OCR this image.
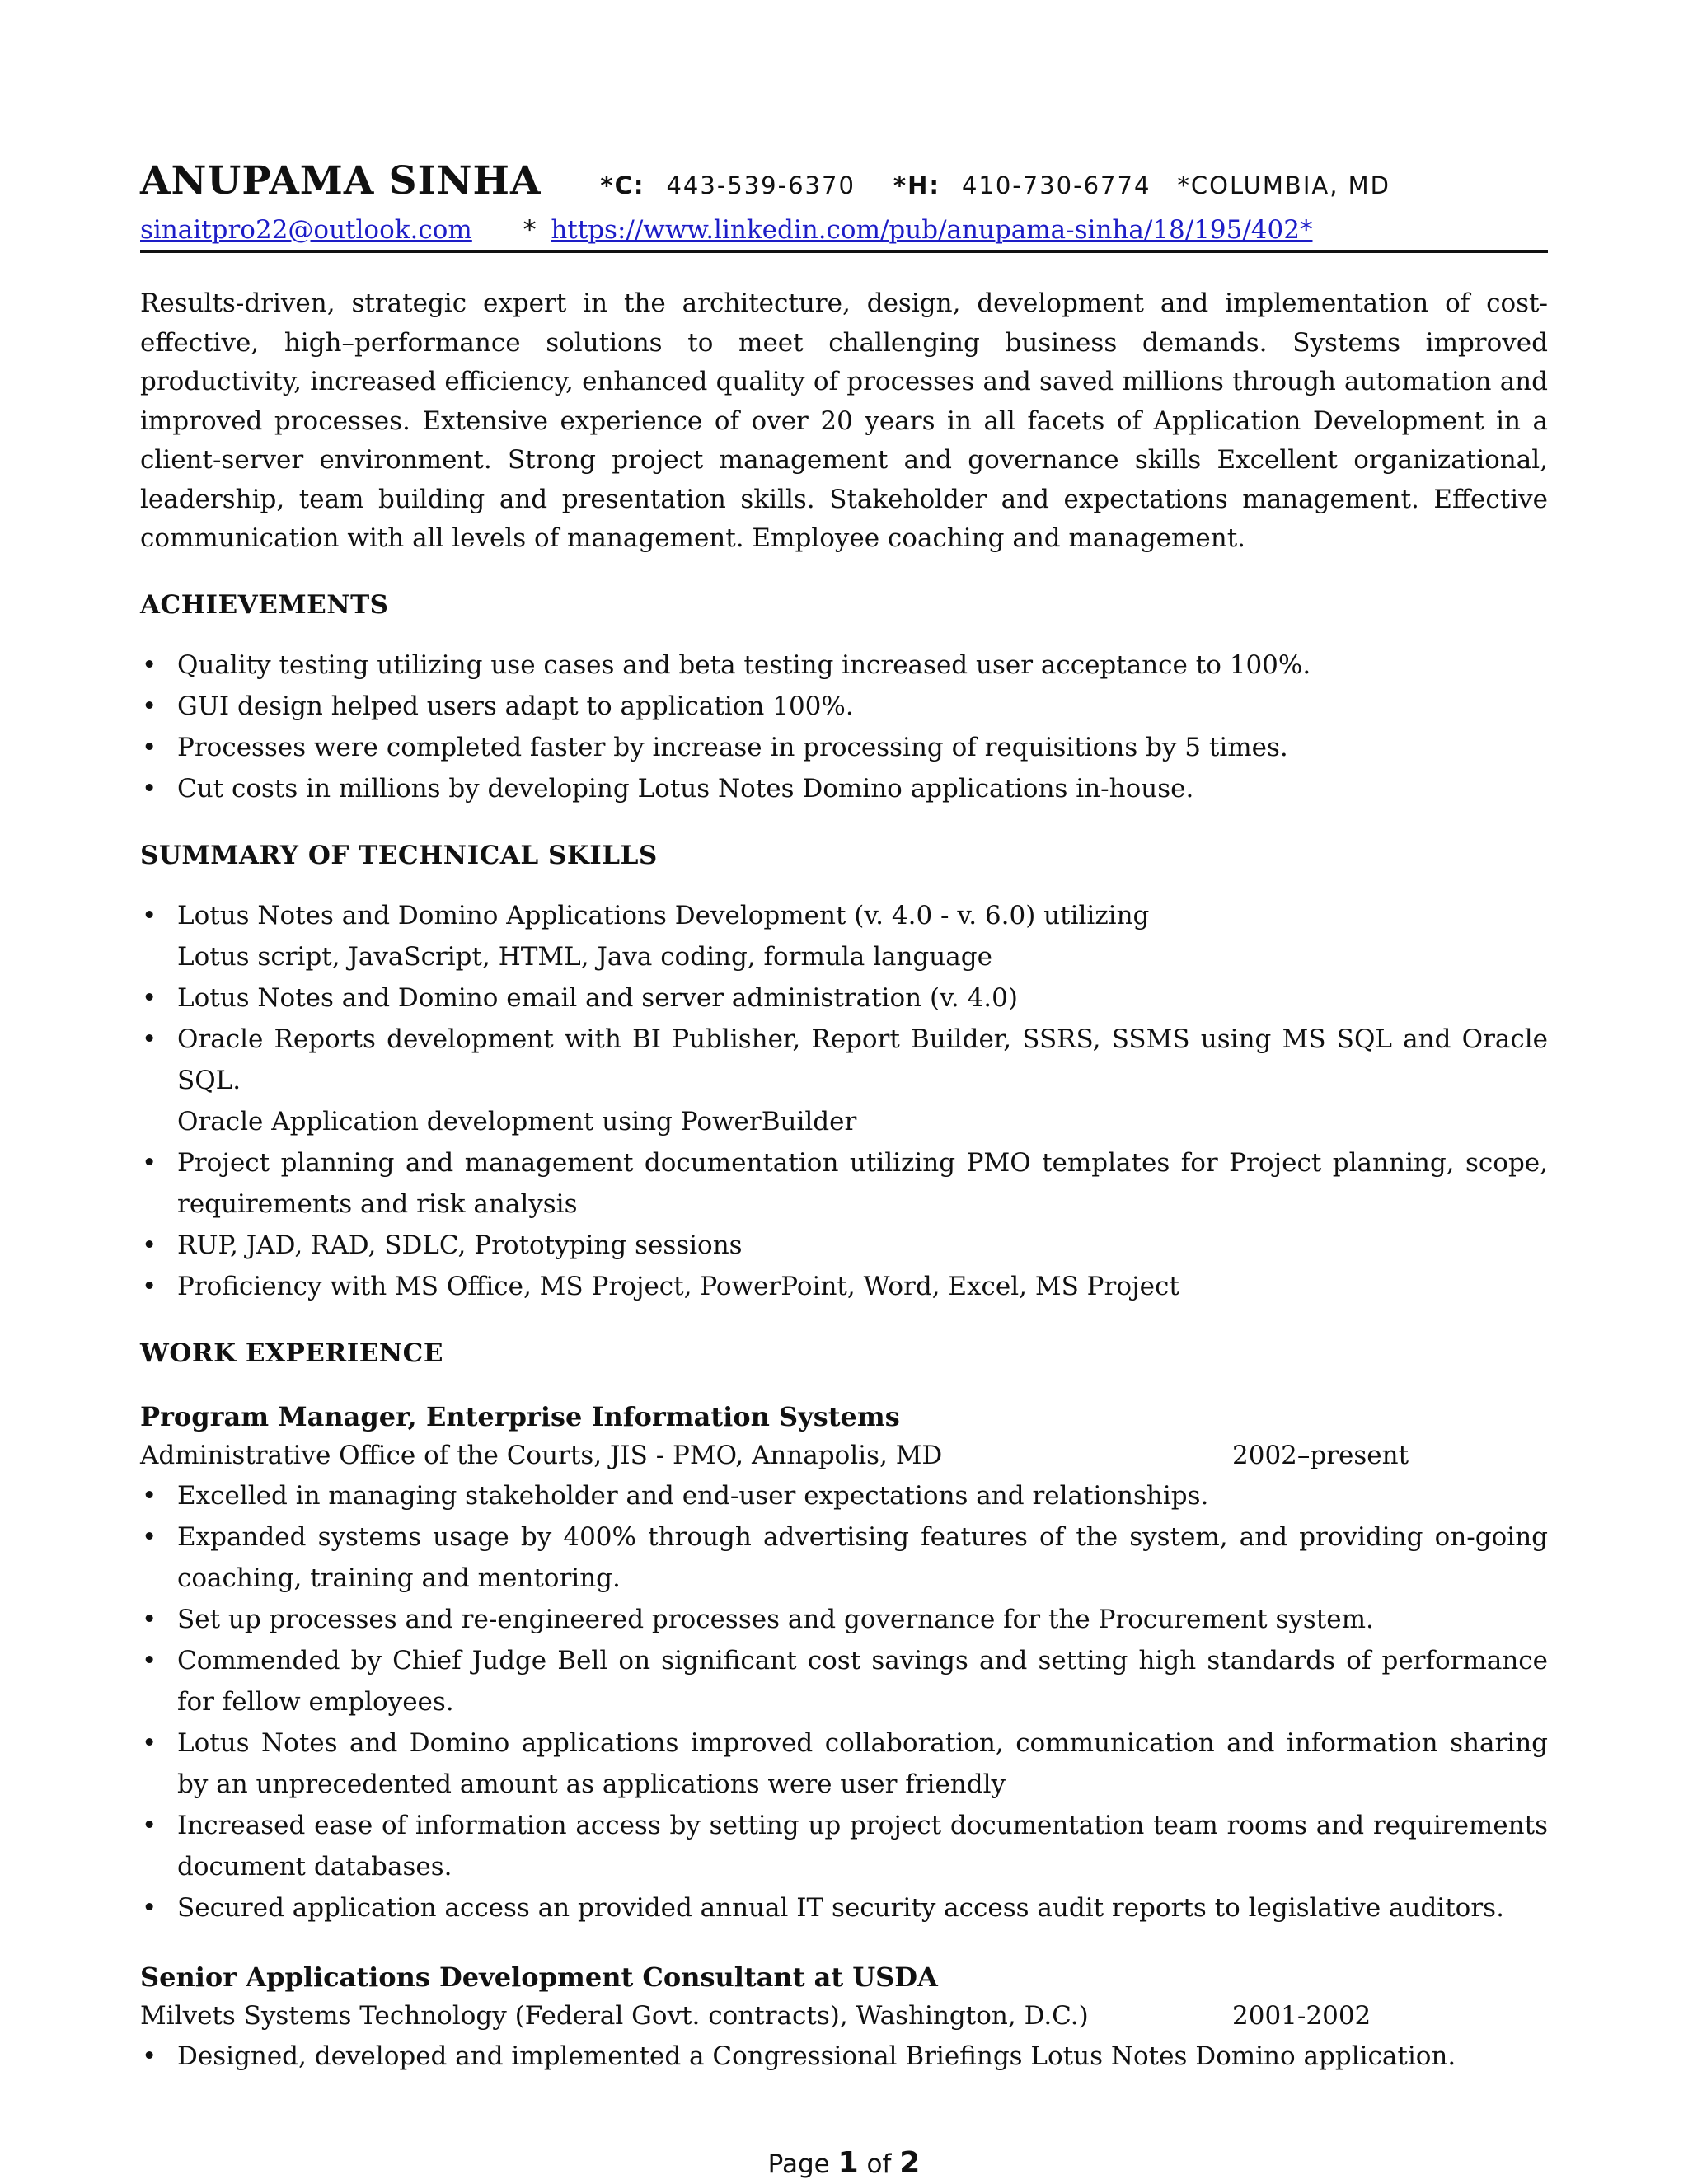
ANUPAMA SINHA *C: 443-539-6370 *H: 410-730-6774 *COLUMBIA, MD
sinaitpro22@outlook.com * https://www.linkedin.com/pub/anupama-sinha/18/195/402*

Results-driven, strategic expert in the architecture, design, development and implementation of cost-effective, high–performance solutions to meet challenging business demands. Systems improved productivity, increased efficiency, enhanced quality of processes and saved millions through automation and improved processes. Extensive experience of over 20 years in all facets of Application Development in a client-server environment. Strong project management and governance skills Excellent organizational, leadership, team building and presentation skills. Stakeholder and expectations management. Effective communication with all levels of management. Employee coaching and management.

ACHIEVEMENTS
• Quality testing utilizing use cases and beta testing increased user acceptance to 100%.
• GUI design helped users adapt to application 100%.
• Processes were completed faster by increase in processing of requisitions by 5 times.
• Cut costs in millions by developing Lotus Notes Domino applications in-house.
SUMMARY OF TECHNICAL SKILLS
• Lotus Notes and Domino Applications Development (v. 4.0 - v. 6.0) utilizing
Lotus script, JavaScript, HTML, Java coding, formula language
• Lotus Notes and Domino email and server administration (v. 4.0)
• Oracle Reports development with BI Publisher, Report Builder, SSRS, SSMS using MS SQL and Oracle SQL.
Oracle Application development using PowerBuilder
• Project planning and management documentation utilizing PMO templates for Project planning, scope, requirements and risk analysis
• RUP, JAD, RAD, SDLC, Prototyping sessions
• Proficiency with MS Office, MS Project, PowerPoint, Word, Excel, MS Project
WORK EXPERIENCE
Program Manager, Enterprise Information Systems
Administrative Office of the Courts, JIS - PMO, Annapolis, MD	2002–present
• Excelled in managing stakeholder and end-user expectations and relationships.
• Expanded systems usage by 400% through advertising features of the system, and providing on-going coaching, training and mentoring.
• Set up processes and re-engineered processes and governance for the Procurement system.
• Commended by Chief Judge Bell on significant cost savings and setting high standards of performance for fellow employees.
• Lotus Notes and Domino applications improved collaboration, communication and information sharing by an unprecedented amount as applications were user friendly
• Increased ease of information access by setting up project documentation team rooms and requirements document databases.
• Secured application access an provided annual IT security access audit reports to legislative auditors.
Senior Applications Development Consultant at USDA
Milvets Systems Technology (Federal Govt. contracts), Washington, D.C.)	2001-2002
• Designed, developed and implemented a Congressional Briefings Lotus Notes Domino application.
Page 1 of 2
